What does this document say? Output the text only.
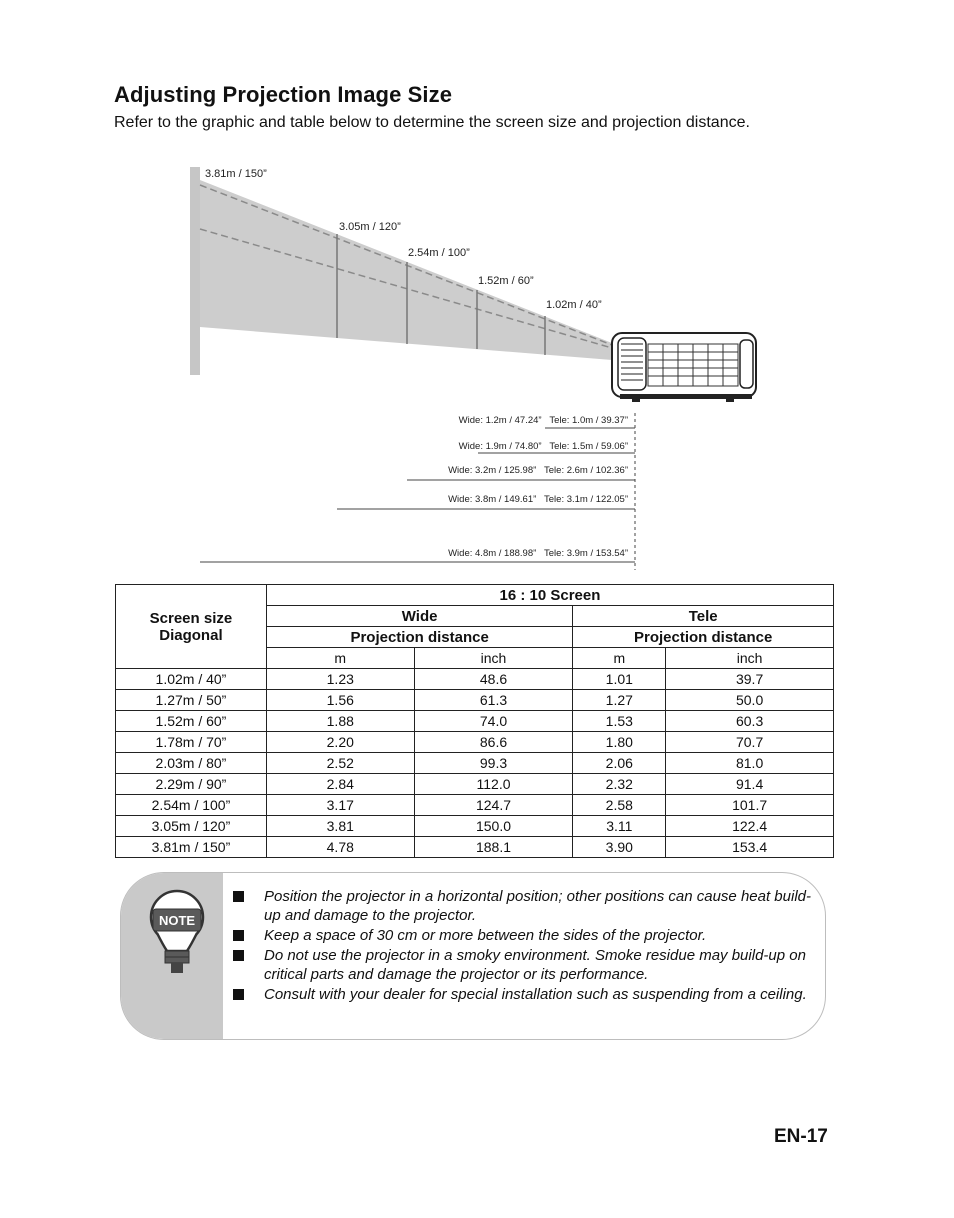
Adjusting Projection Image Size

Refer to the graphic and table below to determine the screen size and projection distance.

3.81m / 150”
3.05m / 120”
2.54m / 100”
1.52m / 60”
1.02m / 40”
Wide: 1.2m / 47.24”   Tele: 1.0m / 39.37”
Wide: 1.9m / 74.80”   Tele: 1.5m / 59.06”
Wide: 3.2m / 125.98”   Tele: 2.6m / 102.36”
Wide: 3.8m / 149.61”   Tele: 3.1m / 122.05”
Wide: 4.8m / 188.98”   Tele: 3.9m / 153.54”
Screen size Diagonal	16 : 10 Screen			
	Wide		Tele	
	Projection distance		Projection distance	
	m	inch	m	inch
1.02m / 40”	1.23	48.6	1.01	39.7
1.27m / 50”	1.56	61.3	1.27	50.0
1.52m / 60”	1.88	74.0	1.53	60.3
1.78m / 70”	2.20	86.6	1.80	70.7
2.03m / 80”	2.52	99.3	2.06	81.0
2.29m / 90”	2.84	112.0	2.32	91.4
2.54m / 100”	3.17	124.7	2.58	101.7
3.05m / 120”	3.81	150.0	3.11	122.4
3.81m / 150”	4.78	188.1	3.90	153.4
NOTE
Position the projector in a horizontal position; other positions can cause heat build-up and damage to the projector.
Keep a space of 30 cm or more between the sides of the projector.
Do not use the projector in a smoky environment. Smoke residue may build-up on critical parts and damage the projector or its performance.
Consult with your dealer for special installation such as suspending from a ceiling.

EN-17
